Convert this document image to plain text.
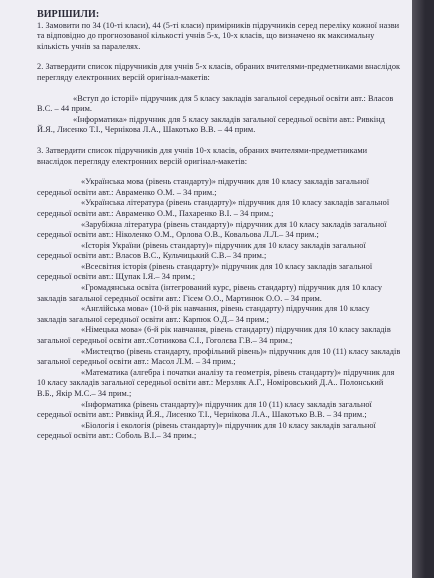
ВИРІШИЛИ:
1. Замовити по 34 (10-ті класи), 44 (5-ті класи) примірників підручників серед переліку кожної назви та відповідно до прогнозованої кількості учнів 5-х, 10-х класів, що визначено як максимальну кількість учнів за паралелях.
2. Затвердити список підручників для учнів 5-х класів, обраних вчителями-предметниками внаслідок перегляду електронних версій оригінал-макетів:
«Вступ до історії» підручник для 5 класу закладів загальної середньої освіти авт.: Власов В.С. – 44 прим.
«Інформатика» підручник для 5 класу закладів загальної середньої освіти авт.: Ривкінд Й.Я., Лисенко Т.І., Чернікова Л.А., Шакотько В.В. – 44 прим.
3. Затвердити список підручників для учнів 10-х класів, обраних вчителями-предметниками внаслідок перегляду електронних версій оригінал-макетів:
«Українська мова (рівень стандарту)» підручник для 10 класу закладів загальної середньої освіти авт.: Авраменко О.М. – 34 прим.;
«Українська література (рівень стандарту)» підручник для 10 класу закладів загальної середньої освіти авт.: Авраменко О.М., Пахаренко В.І. – 34 прим.;
«Зарубіжна література (рівень стандарту)» підручник для 10 класу закладів загальної середньої освіти авт.: Ніколенко О.М., Орлова О.В., Ковальова Л.Л.– 34 прим.;
«Історія України (рівень стандарту)» підручник для 10 класу закладів загальної середньої освіти авт.: Власов В.С., Кульчицький С.В.– 34 прим.;
«Всесвітня історія (рівень стандарту)» підручник для 10 класу закладів загальної середньої освіти авт.: Щупак І.Я.– 34 прим.;
«Громадянська освіта (інтегрований курс, рівень стандарту) підручник для 10 класу закладів загальної середньої освіти авт.: Гісем О.О., Мартинюк О.О. – 34 прим.
«Англійська мова» (10-й рік навчання, рівень стандарту) підручник для 10 класу закладів загальної середньої освіти авт.: Карпюк О.Д.– 34 прим.;
«Німецька мова» (6-й рік навчання, рівень стандарту) підручник для 10 класу закладів загальної середньої освіти авт.:Сотникова С.І., Гоголєва Г.В.– 34 прим.;
«Мистецтво (рівень стандарту, профільний рівень)» підручник для 10 (11) класу закладів загальної середньої освіти авт.: Масол Л.М. – 34 прим.;
«Математика (алгебра і початки аналізу та геометрія, рівень стандарту)» підручник для 10 класу закладів загальної середньої освіти авт.: Мерзляк А.Г., Номіровський Д.А.. Полонський В.Б., Якір М.С.– 34 прим.;
«Інформатика (рівень стандарту)» підручник для 10 (11) класу закладів загальної середньої освіти авт.: Ривкінд Й.Я., Лисенко Т.І., Чернікова Л.А., Шакотько В.В. – 34 прим.;
«Біологія і екологія (рівень стандарту)» підручник для 10 класу закладів загальної середньої освіти авт.: Соболь В.І.– 34 прим.;
